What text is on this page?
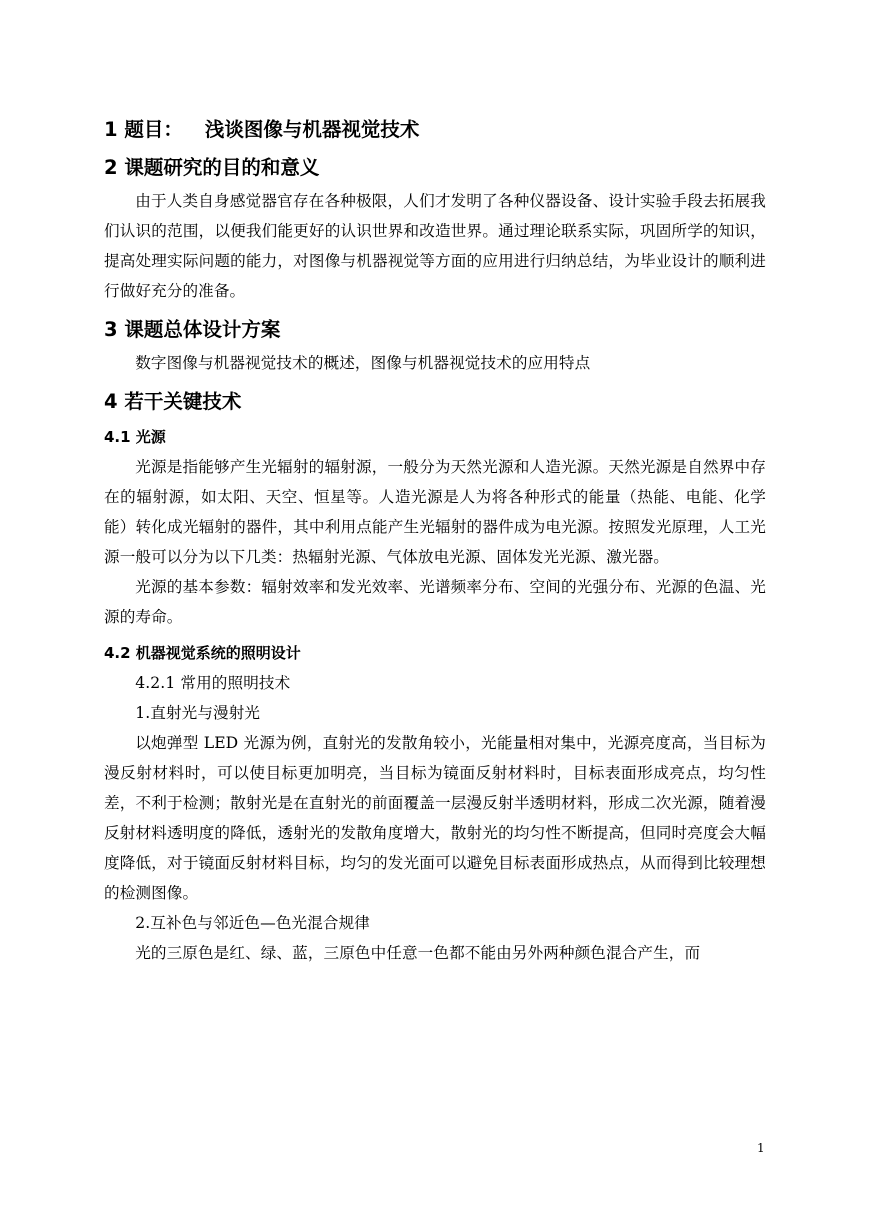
1 题目： 浅谈图像与机器视觉技术
2 课题研究的目的和意义

由于人类自身感觉器官存在各种极限，人们才发明了各种仪器设备、设计实验手段去拓展我们认识的范围，以便我们能更好的认识世界和改造世界。通过理论联系实际，巩固所学的知识，提高处理实际问题的能力，对图像与机器视觉等方面的应用进行归纳总结，为毕业设计的顺利进行做好充分的准备。

3 课题总体设计方案

数字图像与机器视觉技术的概述，图像与机器视觉技术的应用特点

4 若干关键技术
4.1 光源

光源是指能够产生光辐射的辐射源，一般分为天然光源和人造光源。天然光源是自然界中存在的辐射源，如太阳、天空、恒星等。人造光源是人为将各种形式的能量（热能、电能、化学能）转化成光辐射的器件，其中利用点能产生光辐射的器件成为电光源。按照发光原理，人工光源一般可以分为以下几类：热辐射光源、气体放电光源、固体发光光源、激光器。

光源的基本参数：辐射效率和发光效率、光谱频率分布、空间的光强分布、光源的色温、光源的寿命。

4.2 机器视觉系统的照明设计

4.2.1 常用的照明技术

1.直射光与漫射光

以炮弹型 LED 光源为例，直射光的发散角较小，光能量相对集中，光源亮度高，当目标为漫反射材料时，可以使目标更加明亮，当目标为镜面反射材料时，目标表面形成亮点，均匀性差，不利于检测；散射光是在直射光的前面覆盖一层漫反射半透明材料，形成二次光源，随着漫反射材料透明度的降低，透射光的发散角度增大，散射光的均匀性不断提高，但同时亮度会大幅度降低，对于镜面反射材料目标，均匀的发光面可以避免目标表面形成热点，从而得到比较理想的检测图像。

2.互补色与邻近色—色光混合规律

光的三原色是红、绿、蓝，三原色中任意一色都不能由另外两种颜色混合产生，而

1
